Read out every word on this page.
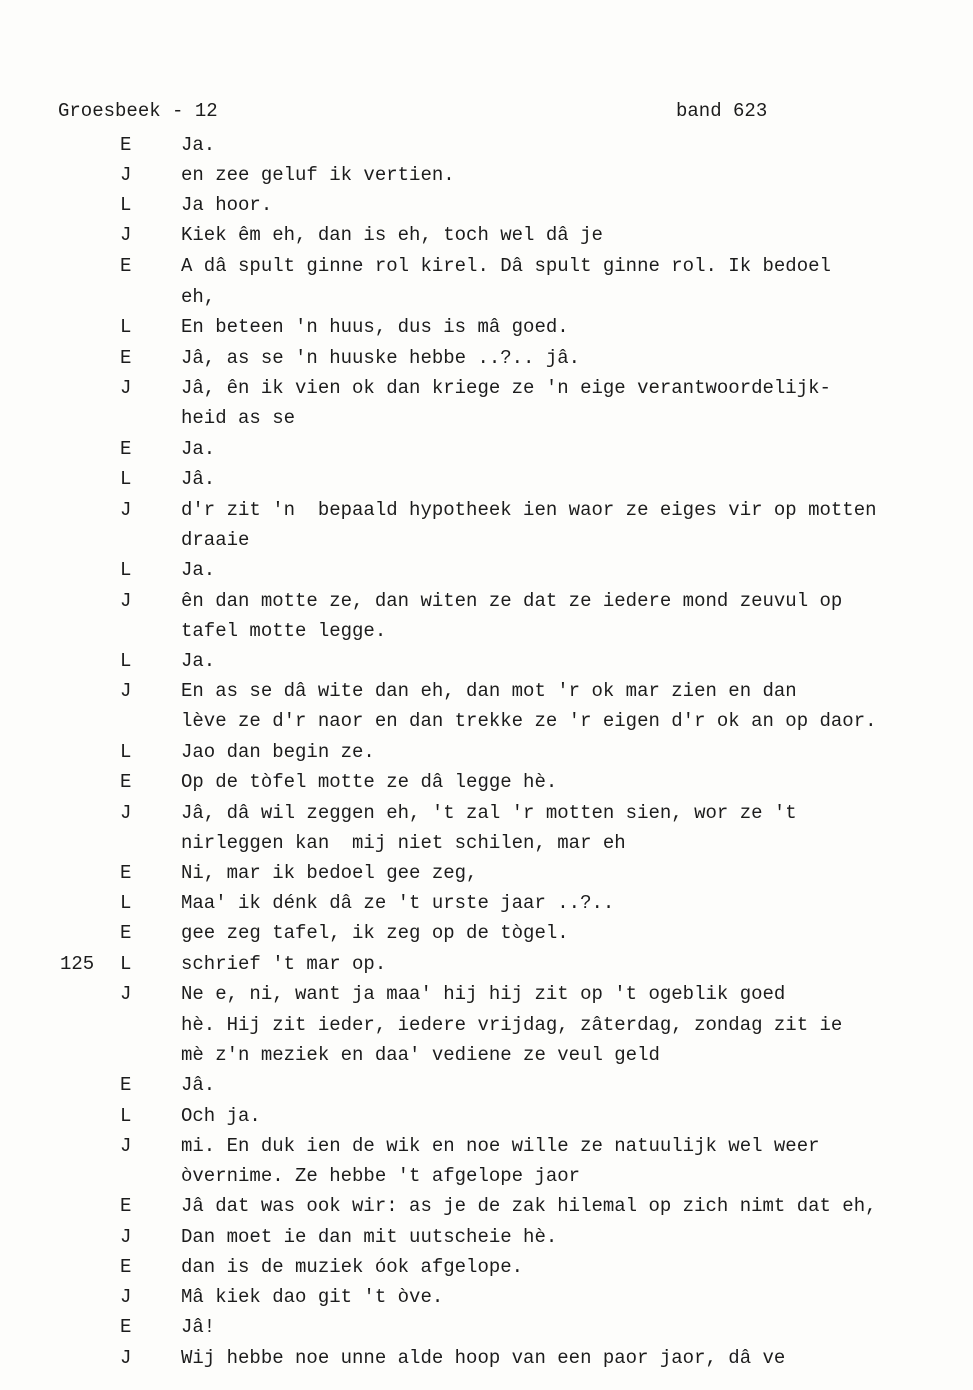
Groesbeek - 12	band 623
E	Ja.
J	en zee geluf ik vertien.
L	Ja hoor.
J	Kiek êm eh, dan is eh, toch wel dâ je
E	A dâ spult ginne rol kirel. Dâ spult ginne rol. Ik bedoel
eh,
L	En beteen 'n huus, dus is mâ goed.
E	Jâ, as se 'n huuske hebbe ..?.. jâ.
J	Jâ, ên ik vien ok dan kriege ze 'n eige verantwoordelijk-
heid as se
E	Ja.
L	Jâ.
J	d'r zit 'n  bepaald hypotheek ien waor ze eiges vir op motten
draaie
L	Ja.
J	ên dan motte ze, dan witen ze dat ze iedere mond zeuvul op
tafel motte legge.
L	Ja.
J	En as se dâ wite dan eh, dan mot 'r ok mar zien en dan
lève ze d'r naor en dan trekke ze 'r eigen d'r ok an op daor.
L	Jao dan begin ze.
E	Op de tòfel motte ze dâ legge hè.
J	Jâ, dâ wil zeggen eh, 't zal 'r motten sien, wor ze 't
nirleggen kan  mij niet schilen, mar eh
E	Ni, mar ik bedoel gee zeg,
L	Maa' ik dénk dâ ze 't urste jaar ..?..
E	gee zeg tafel, ik zeg op de tògel.
125 L	schrief 't mar op.
J	Ne e, ni, want ja maa' hij hij zit op 't ogeblik goed
hè. Hij zit ieder, iedere vrijdag, zâterdag, zondag zit ie
mè z'n meziek en daa' vediene ze veul geld
E	Jâ.
L	Och ja.
J	mi. En duk ien de wik en noe wille ze natuulijk wel weer
òvernime. Ze hebbe 't afgelope jaor
E	Jâ dat was ook wir: as je de zak hilemal op zich nimt dat eh,
J	Dan moet ie dan mit uutscheie hè.
E	dan is de muziek óok afgelope.
J	Mâ kiek dao git 't òve.
E	Jâ!
J	Wij hebbe noe unne alde hoop van een paor jaor, dâ ve
